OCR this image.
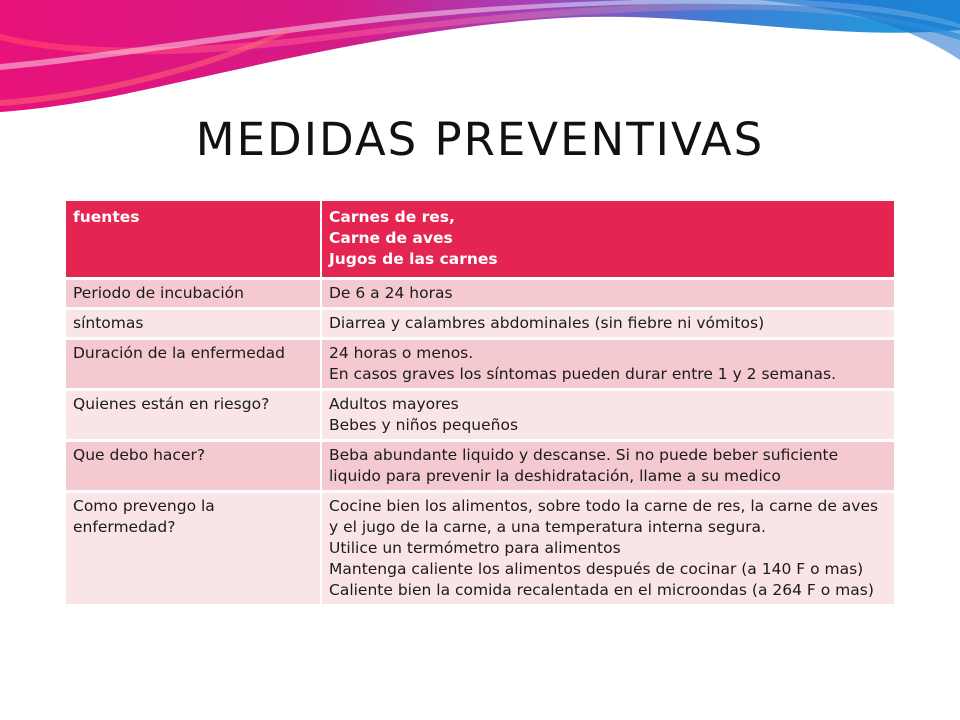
MEDIDAS PREVENTIVAS
fuentes	Carnes de res,
Carne de aves
Jugos de las carnes

Periodo de incubación	De 6 a 24 horas

síntomas	Diarrea y calambres abdominales (sin fiebre ni vómitos)

Duración de la enfermedad	24 horas o menos.
En casos graves los síntomas pueden durar entre 1 y 2 semanas.

Quienes están en riesgo?	Adultos mayores
Bebes y niños pequeños

Que debo hacer?	Beba abundante liquido y descanse. Si no puede beber suficiente liquido para prevenir la deshidratación, llame a su medico

Como prevengo la enfermedad?	Cocine bien los alimentos, sobre todo la carne de res, la carne de aves y el jugo de la carne, a una temperatura interna segura.
Utilice un termómetro para alimentos
Mantenga caliente los alimentos después de cocinar (a 140 F o mas)
Caliente bien la comida recalentada en el microondas (a 264 F o mas)
